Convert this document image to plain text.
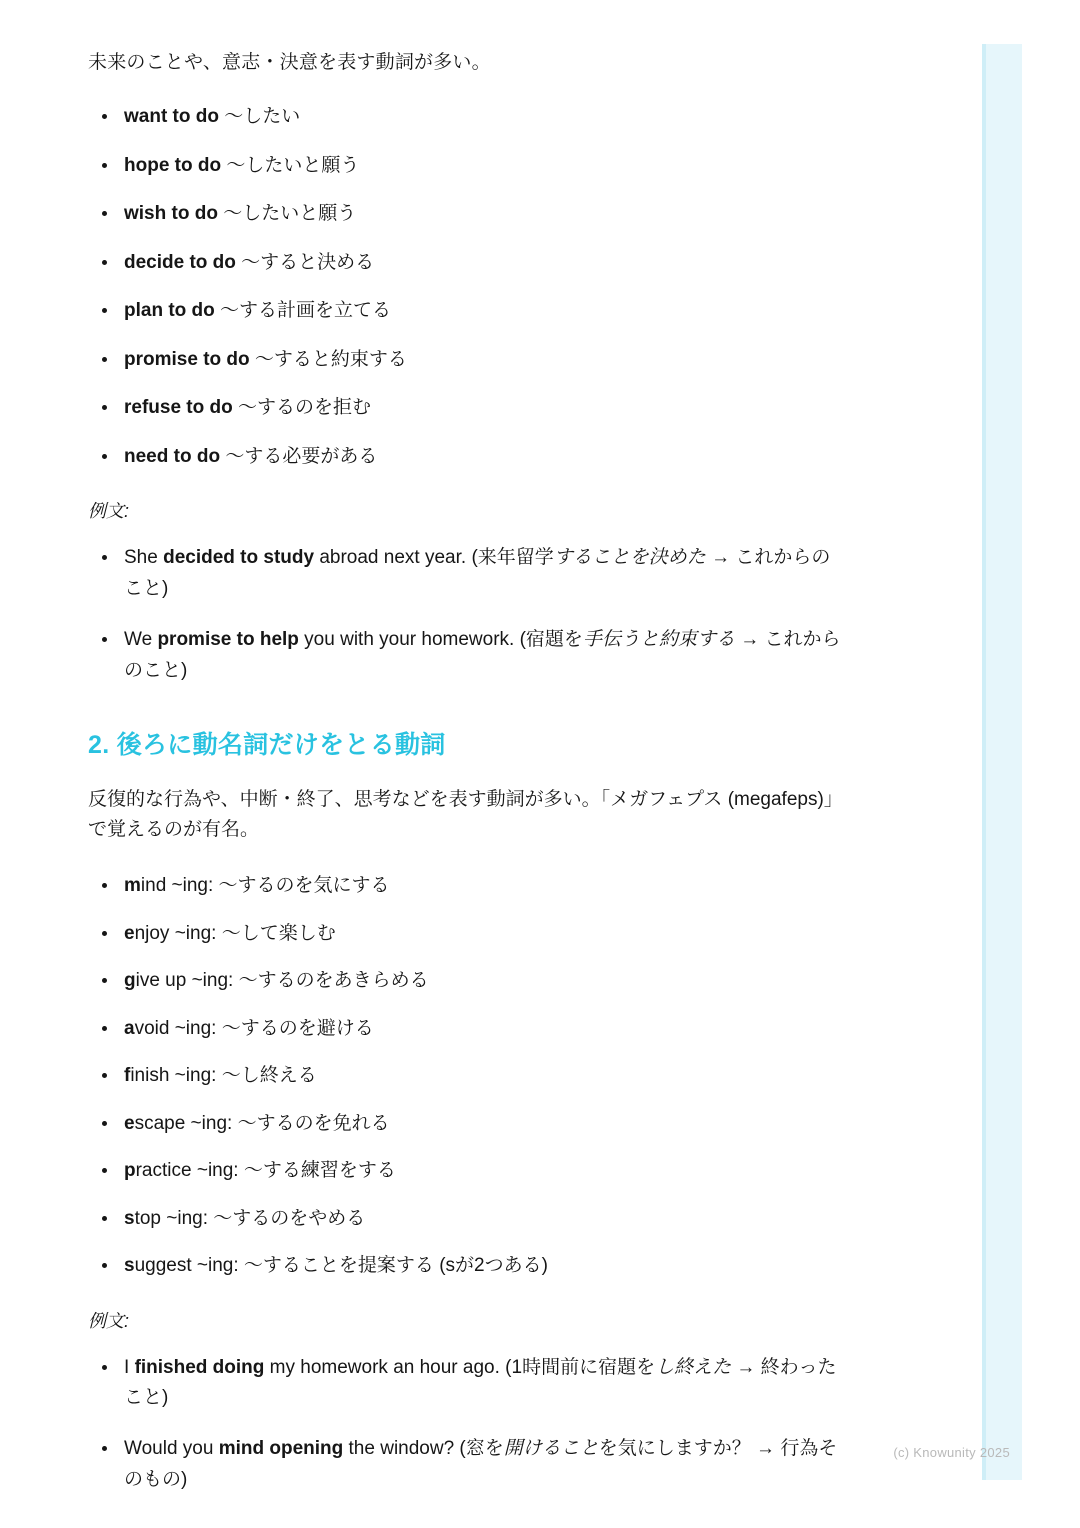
未来のことや、意志・決意を表す動詞が多い。

want to do 〜したい
hope to do 〜したいと願う
wish to do 〜したいと願う
decide to do 〜すると決める
plan to do 〜する計画を立てる
promise to do 〜すると約束する
refuse to do 〜するのを拒む
need to do 〜する必要がある
例文:
She decided to study abroad next year. (来年留学することを決めた → これからのこと)
We promise to help you with your homework. (宿題を手伝うと約束する → これからのこと)
2. 後ろに動名詞だけをとる動詞

反復的な行為や、中断・終了、思考などを表す動詞が多い。「メガフェプス (megafeps)」で覚えるのが有名。

mind ~ing: 〜するのを気にする
enjoy ~ing: 〜して楽しむ
give up ~ing: 〜するのをあきらめる
avoid ~ing: 〜するのを避ける
finish ~ing: 〜し終える
escape ~ing: 〜するのを免れる
practice ~ing: 〜する練習をする
stop ~ing: 〜するのをやめる
suggest ~ing: 〜することを提案する (sが2つある)
例文:
I finished doing my homework an hour ago. (1時間前に宿題をし終えた → 終わったこと)
Would you mind opening the window? (窓を開けることを気にしますか？ → 行為そのもの)
(c) Knowunity 2025
